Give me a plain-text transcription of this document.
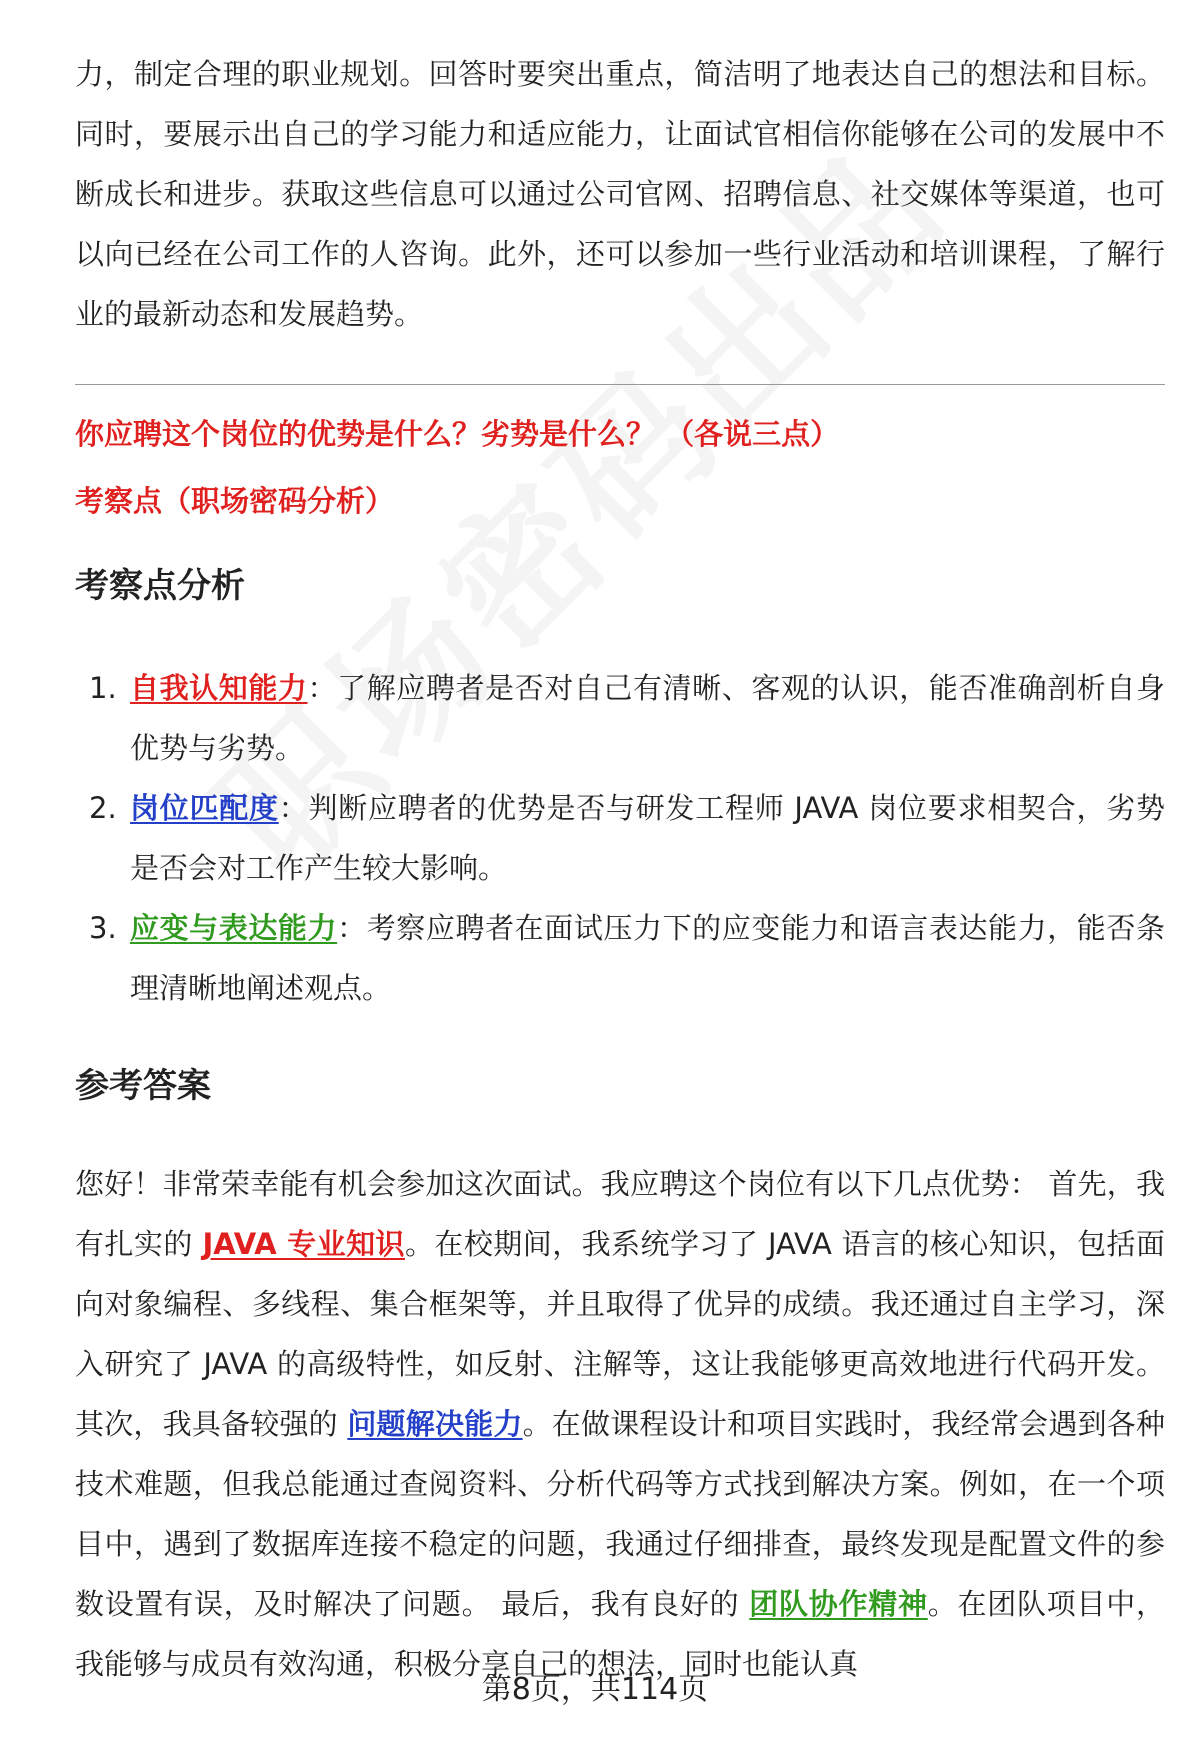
力，制定合理的职业规划。回答时要突出重点，简洁明了地表达自己的想法和目标。同时，要展示出自己的学习能力和适应能力，让面试官相信你能够在公司的发展中不断成长和进步。获取这些信息可以通过公司官网、招聘信息、社交媒体等渠道，也可以向已经在公司工作的人咨询。此外，还可以参加一些行业活动和培训课程，了解行业的最新动态和发展趋势。

你应聘这个岗位的优势是什么？劣势是什么？ （各说三点）

考察点（职场密码分析）

考察点分析
1. 自我认知能力：了解应聘者是否对自己有清晰、客观的认识，能否准确剖析自身优势与劣势。
2. 岗位匹配度：判断应聘者的优势是否与研发工程师 JAVA 岗位要求相契合，劣势是否会对工作产生较大影响。
3. 应变与表达能力：考察应聘者在面试压力下的应变能力和语言表达能力，能否条理清晰地阐述观点。
参考答案

您好！非常荣幸能有机会参加这次面试。我应聘这个岗位有以下几点优势： 首先，我有扎实的 JAVA 专业知识。在校期间，我系统学习了 JAVA 语言的核心知识，包括面向对象编程、多线程、集合框架等，并且取得了优异的成绩。我还通过自主学习，深入研究了 JAVA 的高级特性，如反射、注解等，这让我能够更高效地进行代码开发。 其次，我具备较强的 问题解决能力。在做课程设计和项目实践时，我经常会遇到各种技术难题，但我总能通过查阅资料、分析代码等方式找到解决方案。例如，在一个项目中，遇到了数据库连接不稳定的问题，我通过仔细排查，最终发现是配置文件的参数设置有误，及时解决了问题。 最后，我有良好的 团队协作精神。在团队项目中，我能够与成员有效沟通，积极分享自己的想法，同时也能认真

第8页，共114页
